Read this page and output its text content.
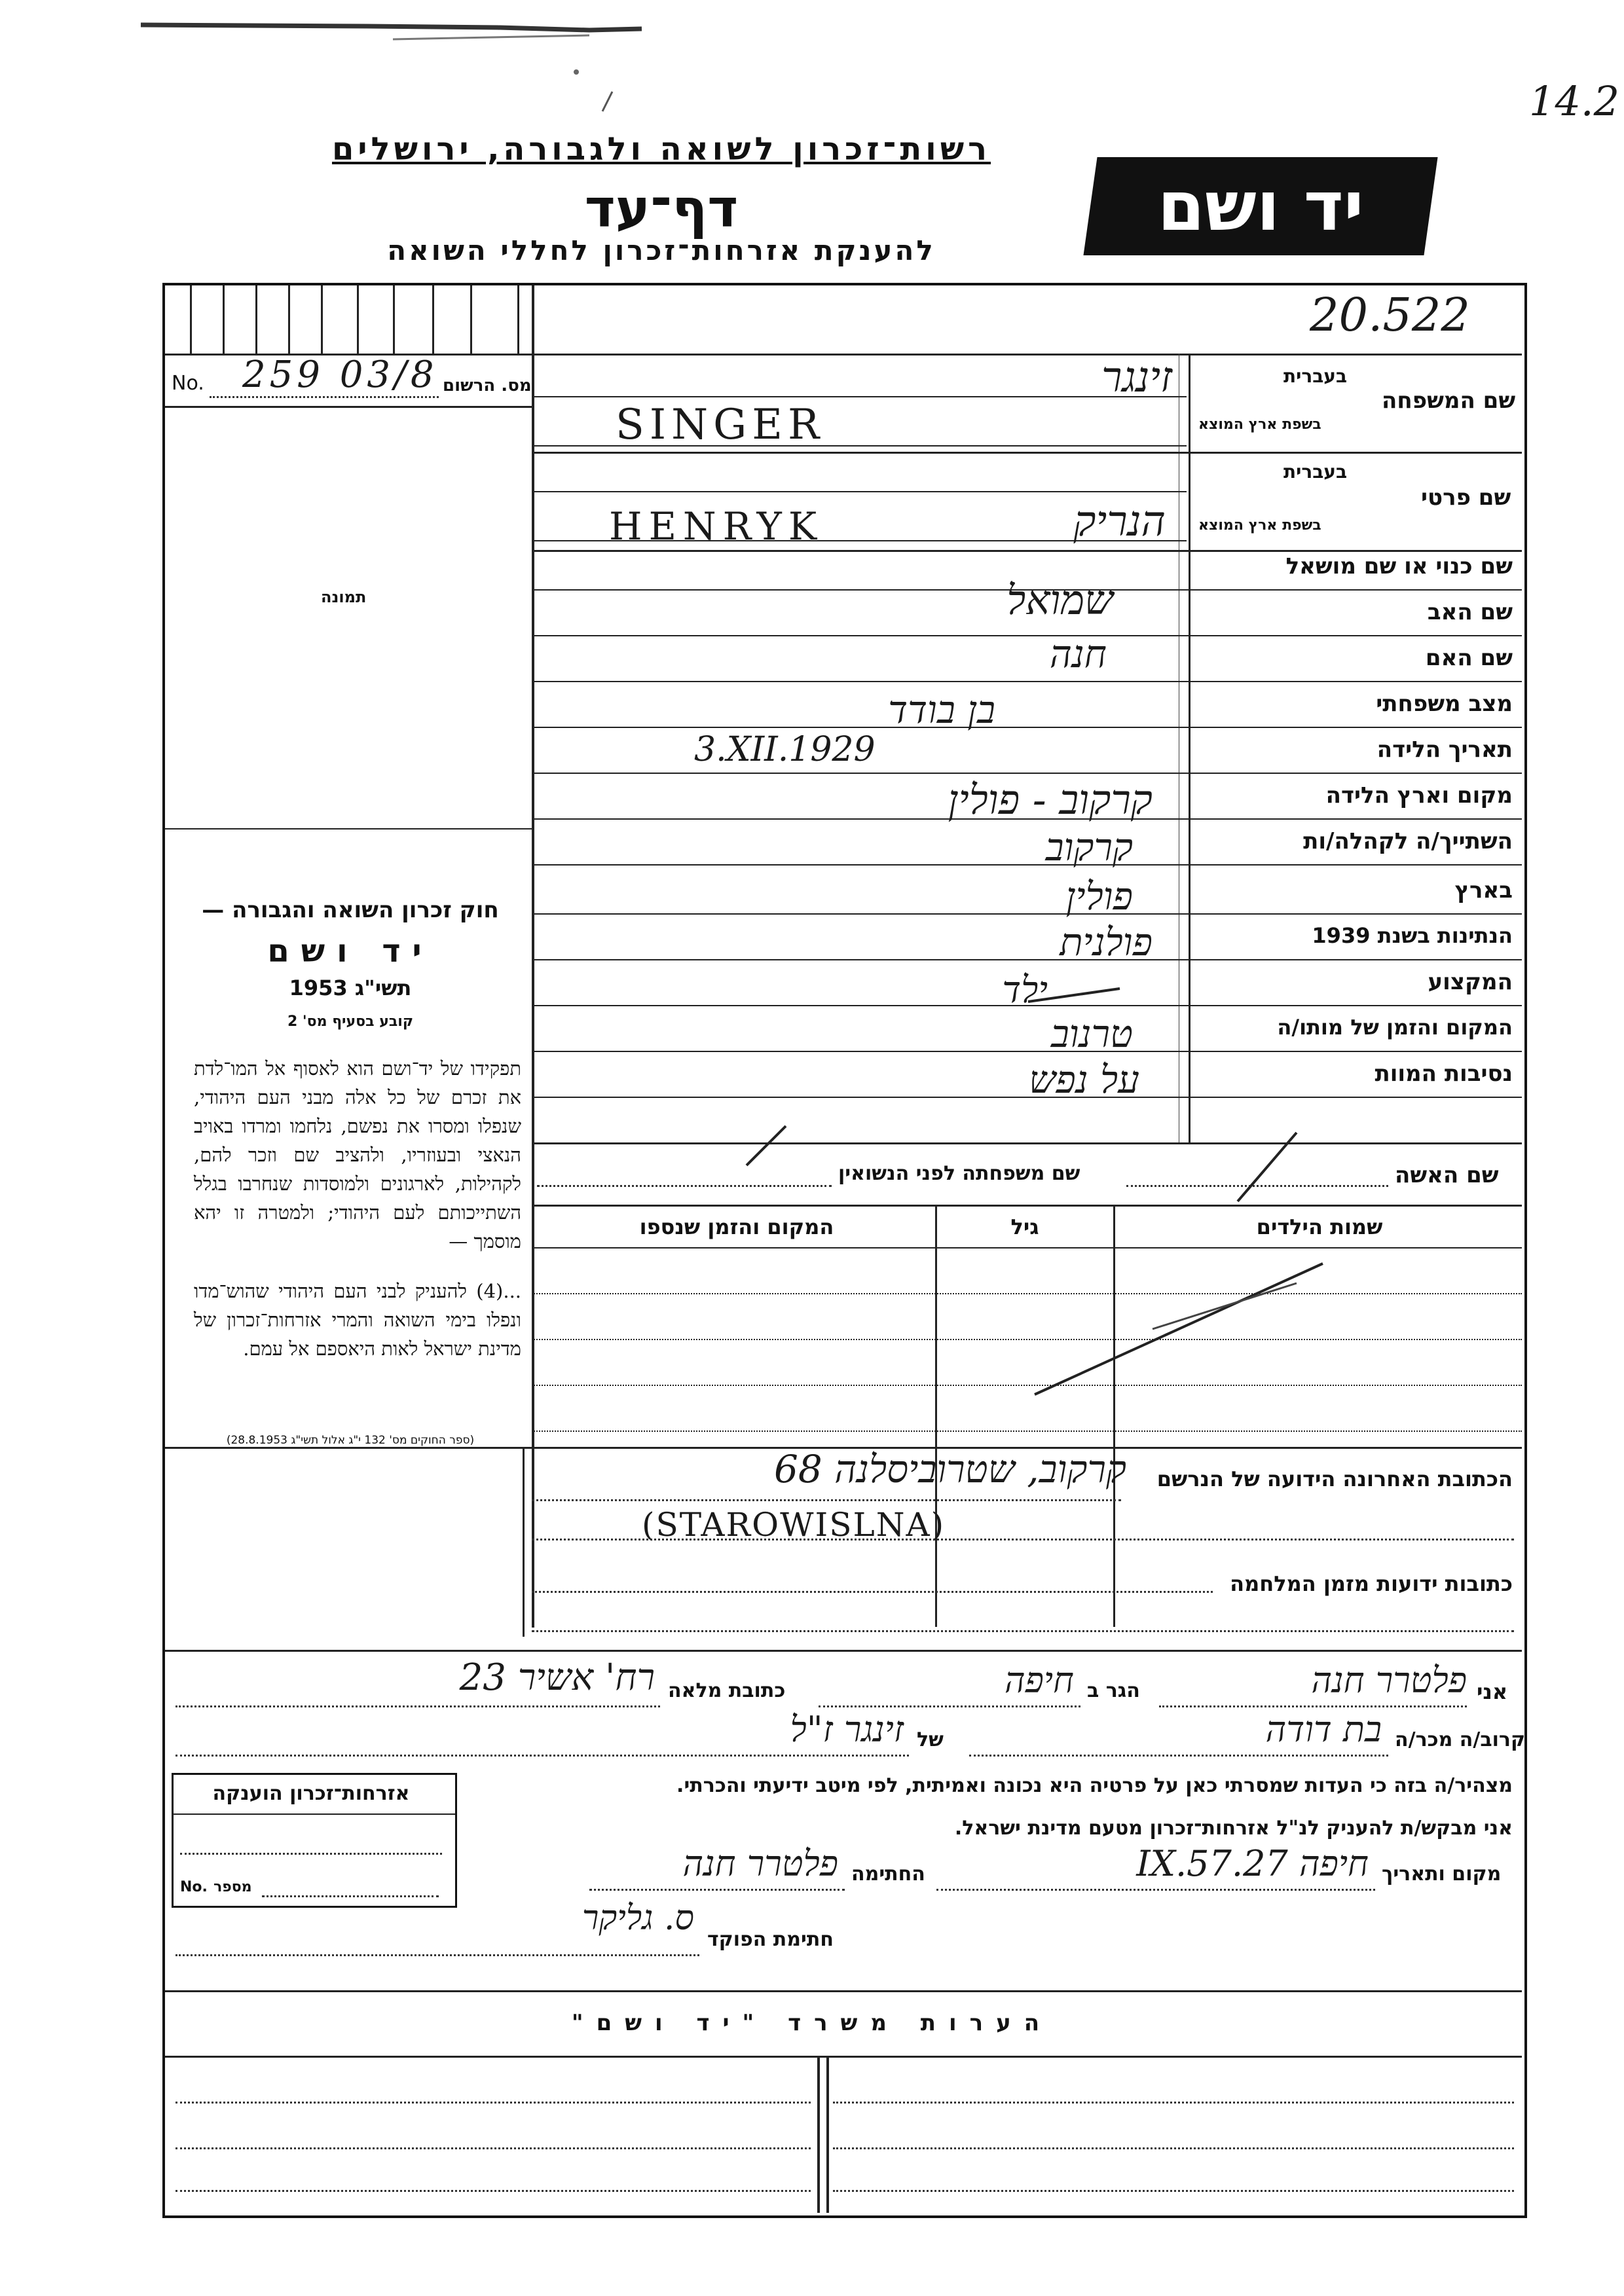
14.2
רשות־זכרון לשואה ולגבורה, ירושלים
דף־עד
להענקת אזרחות־זכרון לחללי השואה
יד ושם
20.522
No. 259 03/8 מס. הרשום
תמונה
בעברית
שם המשפחה
בשפת ארץ המוצא
זינגר
SINGER
בעברית
שם פרטי
בשפת ארץ המוצא
הנריק
HENRYK
שם כנוי או שם מושאל
שם האב
שם האם
מצב משפחתי
תאריך הלידה
מקום וארץ הלידה
השתייך/ה לקהלה/ות
בארץ
הנתינות בשנת 1939
המקצוע
המקום והזמן של מותו/ה
נסיבות המוות
שמואל
חנה
בן בודד
3.XII.1929
קרקוב - פולין
קרקוב
פולין
פולנית
ילד
טרנוב
על נפש
חוק זכרון השואה והגבורה —
יד ושם
תשי"ג 1953
קובע בסעיף מס' 2
תפקידו של יד־ושם הוא לאסוף אל המו־לדת את זכרם של כל אלה מבני העם היהודי, שנפלו ומסרו את נפשם, נלחמו ומרדו באויב הנאצי ובעוזריו, ולהציב שם וזכר להם, לקהילות, לארגונים ולמוסדות שנחרבו בגלל השתייכותם לעם היהודי; ולמטרה זו יהא מוסמך —
...(4) להעניק לבני העם היהודי שהוש־מדו ונפלו בימי השואה והמרי אזרחות־זכרון של מדינת ישראל לאות היאספם אל עמם.
(ספר החוקים מס' 132 י"ג אלול תשי"ג 28.8.1953)
שם האשה
שם משפחתה לפני הנשואין
שמות הילדים
גיל
המקום והזמן שנספו
הכתובת האחרונה הידועה של הנרשם
קרקוב, שטרוביסלנה 68
(STAROWISLNA)
כתובות ידועות מזמן המלחמה
אני
פלטרר חנה
הגר ב
חיפה
כתובת מלאה
רח' אשיר 23
קרוב/ה מכר/ה
בת דודה
של
זינגר ז"ל
מצהיר/ה בזה כי העדות שמסרתי כאן על פרטיה היא נכונה ואמיתית, לפי מיטב ידיעתי והכרתי.
אני מבקש/ת להעניק לנ"ל אזרחות־זכרון מטעם מדינת ישראל.
מקום ותאריך
חיפה 27.IX.57
החתימה
פלטרר חנה
חתימת הפוקד
ס. גליקר
אזרחות־זכרון הוענקה
No. מספר
הערות משרד "יד ושם"
